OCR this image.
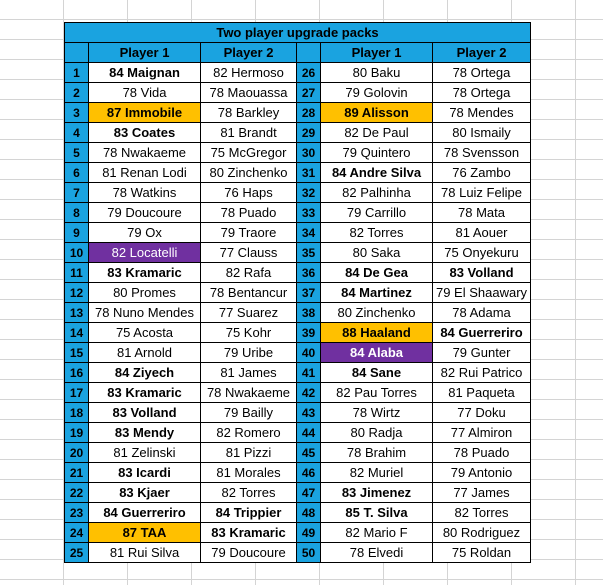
Two player upgrade packs					
	Player 1	Player 2		Player 1	Player 2
1	84 Maignan	82 Hermoso	26	80 Baku	78 Ortega
2	78 Vida	78 Maouassa	27	79 Golovin	78 Ortega
3	87 Immobile	78 Barkley	28	89 Alisson	78 Mendes
4	83 Coates	81 Brandt	29	82 De Paul	80 Ismaily
5	78 Nwakaeme	75 McGregor	30	79 Quintero	78 Svensson
6	81 Renan Lodi	80 Zinchenko	31	84 Andre Silva	76 Zambo
7	78 Watkins	76 Haps	32	82 Palhinha	78 Luiz Felipe
8	79 Doucoure	78 Puado	33	79 Carrillo	78 Mata
9	79 Ox	79 Traore	34	82 Torres	81 Aouer
10	82 Locatelli	77 Clauss	35	80 Saka	75 Onyekuru
11	83 Kramaric	82 Rafa	36	84 De Gea	83 Volland
12	80 Promes	78 Bentancur	37	84 Martinez	79 El Shaawary
13	78 Nuno Mendes	77 Suarez	38	80 Zinchenko	78 Adama
14	75 Acosta	75 Kohr	39	88 Haaland	84 Guerreriro
15	81 Arnold	79 Uribe	40	84 Alaba	79 Gunter
16	84 Ziyech	81 James	41	84 Sane	82 Rui Patrico
17	83 Kramaric	78 Nwakaeme	42	82 Pau Torres	81 Paqueta
18	83 Volland	79 Bailly	43	78 Wirtz	77 Doku
19	83 Mendy	82 Romero	44	80 Radja	77 Almiron
20	81 Zelinski	81 Pizzi	45	78 Brahim	78 Puado
21	83 Icardi	81 Morales	46	82 Muriel	79 Antonio
22	83 Kjaer	82 Torres	47	83 Jimenez	77 James
23	84 Guerreriro	84 Trippier	48	85 T. Silva	82 Torres
24	87 TAA	83 Kramaric	49	82 Mario F	80 Rodriguez
25	81 Rui Silva	79 Doucoure	50	78 Elvedi	75 Roldan
